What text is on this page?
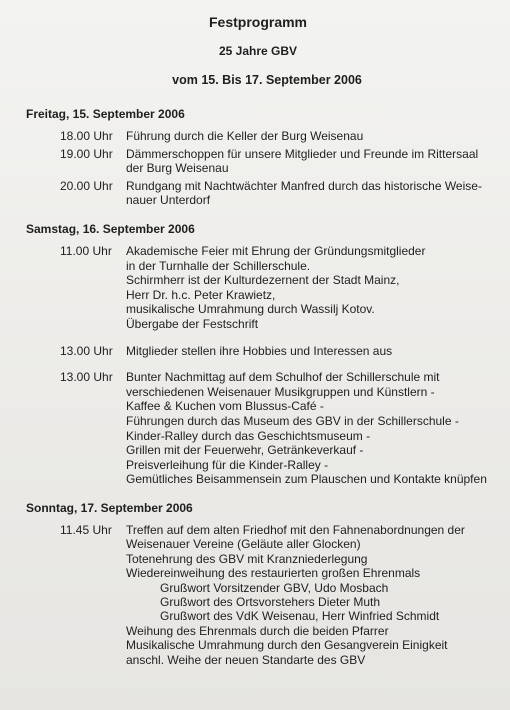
Festprogramm
25 Jahre GBV
vom 15. Bis 17. September 2006
Freitag, 15. September 2006
18.00 Uhr	Führung durch die Keller der Burg Weisenau
19.00 Uhr	Dämmerschoppen für unsere Mitglieder und Freunde im Rittersaal
der Burg Weisenau
20.00 Uhr	Rundgang mit Nachtwächter Manfred durch das historische Weise-
nauer Unterdorf
Samstag, 16. September 2006
11.00 Uhr	Akademische Feier mit Ehrung der Gründungsmitglieder
in der Turnhalle der Schillerschule.
Schirmherr ist der Kulturdezernent der Stadt Mainz,
Herr Dr. h.c. Peter Krawietz,
musikalische Umrahmung durch Wassilj Kotov.
Übergabe der Festschrift
13.00 Uhr	Mitglieder stellen ihre Hobbies und Interessen aus
13.00 Uhr	Bunter Nachmittag auf dem Schulhof der Schillerschule mit
verschiedenen Weisenauer Musikgruppen und Künstlern -
Kaffee & Kuchen vom Blussus-Café -
Führungen durch das Museum des GBV in der Schillerschule -
Kinder-Ralley durch das Geschichtsmuseum -
Grillen mit der Feuerwehr, Getränkeverkauf -
Preisverleihung für die Kinder-Ralley -
Gemütliches Beisammensein zum Plauschen und Kontakte knüpfen
Sonntag, 17. September 2006
11.45 Uhr	Treffen auf dem alten Friedhof mit den Fahnenabordnungen der
Weisenauer Vereine (Geläute aller Glocken)
Totenehrung des GBV mit Kranzniederlegung
Wiedereinweihung des restaurierten großen Ehrenmals
Grußwort Vorsitzender GBV, Udo Mosbach
Grußwort des Ortsvorstehers Dieter Muth
Grußwort des VdK Weisenau, Herr Winfried Schmidt
Weihung des Ehrenmals durch die beiden Pfarrer
Musikalische Umrahmung durch den Gesangverein Einigkeit
anschl. Weihe der neuen Standarte des GBV
